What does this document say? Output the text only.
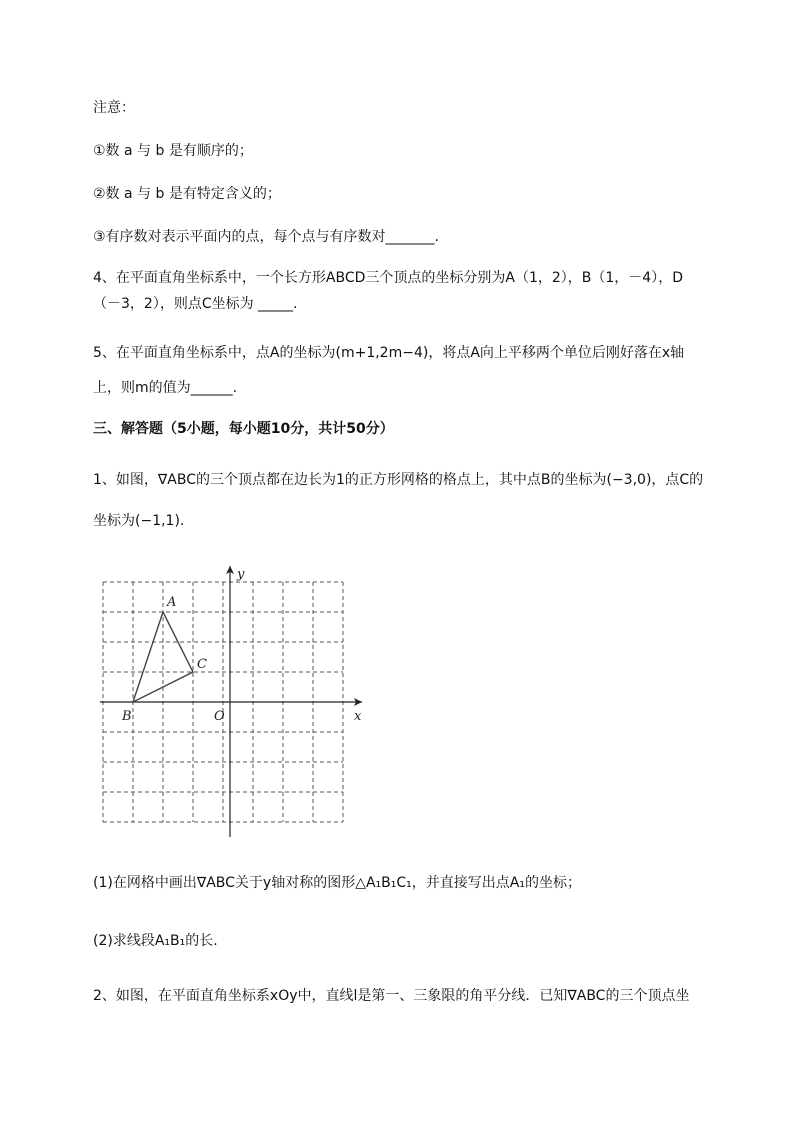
注意：
①数 a 与 b 是有顺序的；
②数 a 与 b 是有特定含义的；
③有序数对表示平面内的点，每个点与有序数对_______.
4、在平面直角坐标系中，一个长方形ABCD三个顶点的坐标分别为A（1，2），B（1，－4），D
（－3，2），则点C坐标为 _____.
5、在平面直角坐标系中，点A的坐标为(m+1,2m−4)，将点A向上平移两个单位后刚好落在x轴
上，则m的值为______.
三、解答题（5小题，每小题10分，共计50分）
1、如图，∇ABC的三个顶点都在边长为1的正方形网格的格点上，其中点B的坐标为(−3,0)，点C的
坐标为(−1,1).
A
B
C
O	x
y
(1)在网格中画出∇ABC关于y轴对称的图形△A₁B₁C₁，并直接写出点A₁的坐标；
(2)求线段A₁B₁的长.
2、如图，在平面直角坐标系xOy中，直线l是第一、三象限的角平分线．已知∇ABC的三个顶点坐
